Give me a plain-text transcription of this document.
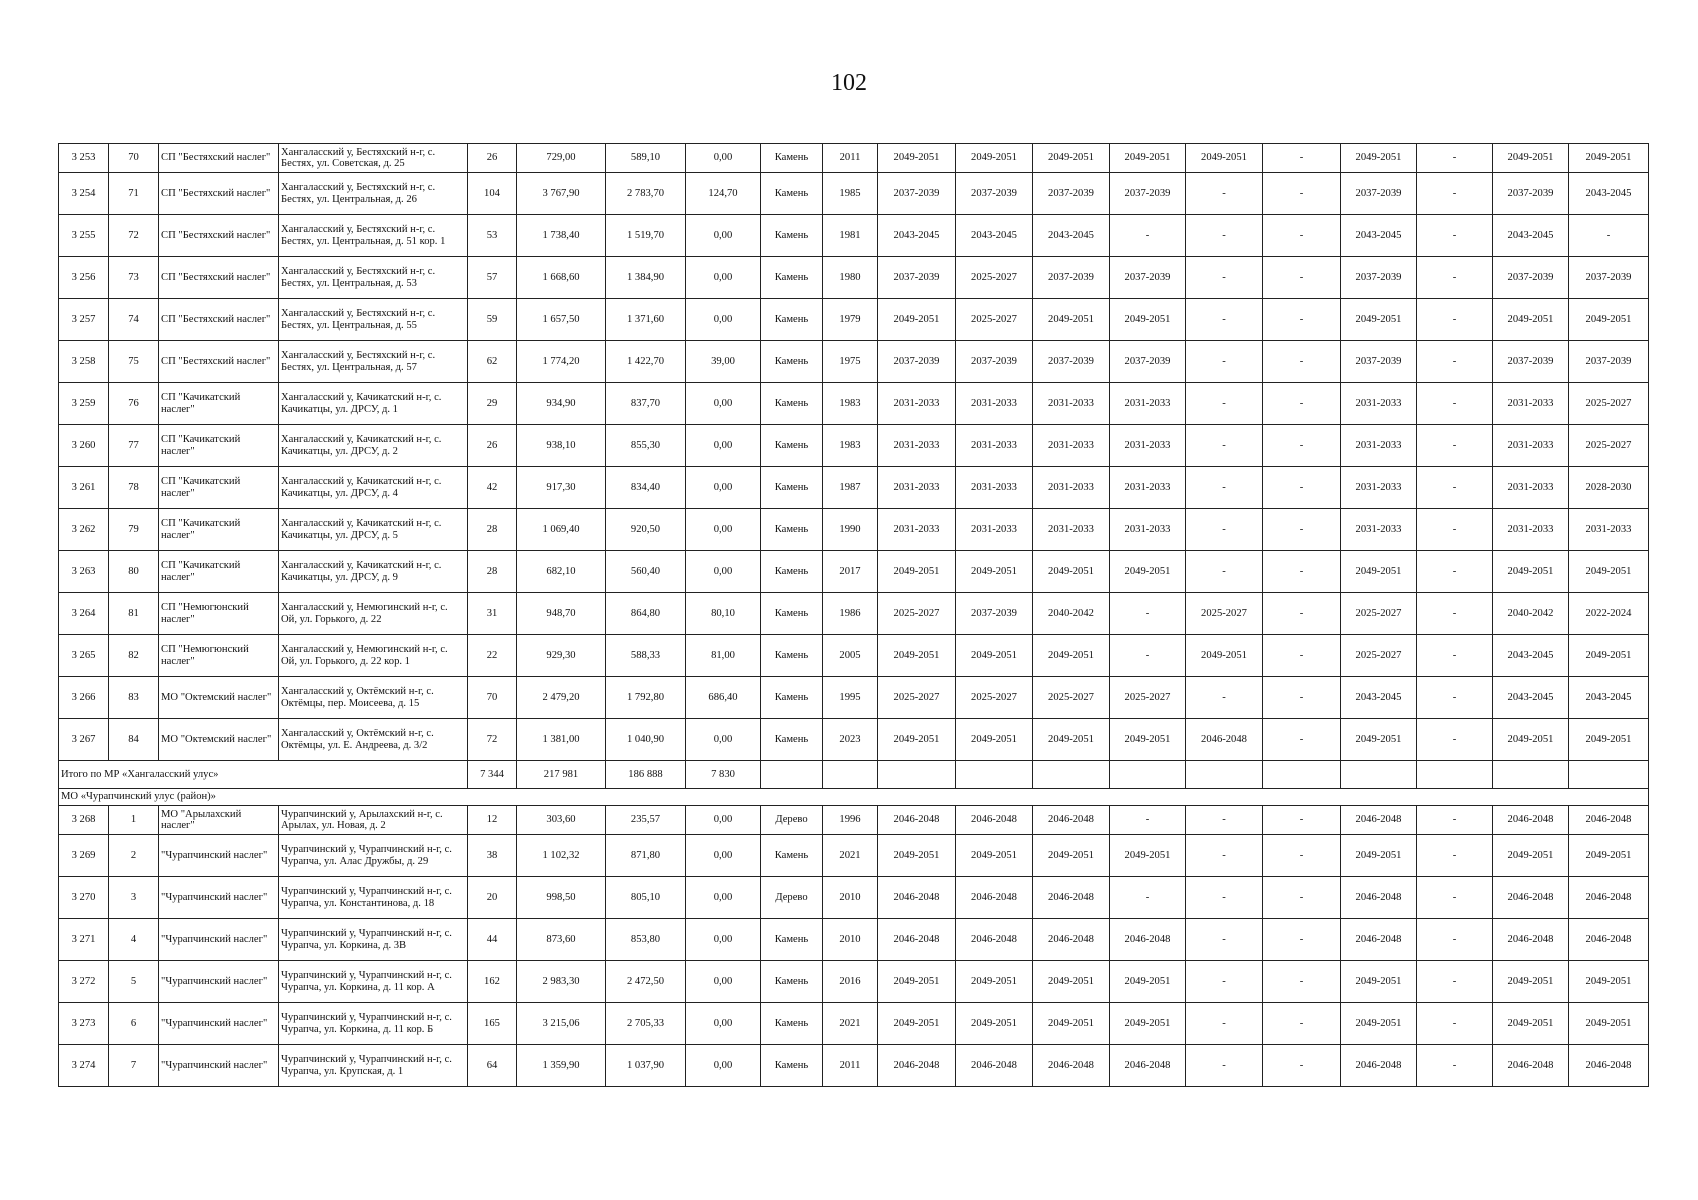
102
3 253	70	СП "Бестяхский наслег"	Хангаласский у, Бестяхский н-г, с. Бестях, ул. Советская, д. 25	26	729,00	589,10	0,00	Камень	2011	2049-2051	2049-2051	2049-2051	2049-2051	2049-2051	-	2049-2051	-	2049-2051	2049-2051
3 254	71	СП "Бестяхский наслег"	Хангаласский у, Бестяхский н-г, с. Бестях, ул. Центральная, д. 26	104	3 767,90	2 783,70	124,70	Камень	1985	2037-2039	2037-2039	2037-2039	2037-2039	-	-	2037-2039	-	2037-2039	2043-2045
3 255	72	СП "Бестяхский наслег"	Хангаласский у, Бестяхский н-г, с. Бестях, ул. Центральная, д. 51 кор. 1	53	1 738,40	1 519,70	0,00	Камень	1981	2043-2045	2043-2045	2043-2045	-	-	-	2043-2045	-	2043-2045	-
3 256	73	СП "Бестяхский наслег"	Хангаласский у, Бестяхский н-г, с. Бестях, ул. Центральная, д. 53	57	1 668,60	1 384,90	0,00	Камень	1980	2037-2039	2025-2027	2037-2039	2037-2039	-	-	2037-2039	-	2037-2039	2037-2039
3 257	74	СП "Бестяхский наслег"	Хангаласский у, Бестяхский н-г, с. Бестях, ул. Центральная, д. 55	59	1 657,50	1 371,60	0,00	Камень	1979	2049-2051	2025-2027	2049-2051	2049-2051	-	-	2049-2051	-	2049-2051	2049-2051
3 258	75	СП "Бестяхский наслег"	Хангаласский у, Бестяхский н-г, с. Бестях, ул. Центральная, д. 57	62	1 774,20	1 422,70	39,00	Камень	1975	2037-2039	2037-2039	2037-2039	2037-2039	-	-	2037-2039	-	2037-2039	2037-2039
3 259	76	СП "Качикатский наслег"	Хангаласский у, Качикатский н-г, с. Качикатцы, ул. ДРСУ, д. 1	29	934,90	837,70	0,00	Камень	1983	2031-2033	2031-2033	2031-2033	2031-2033	-	-	2031-2033	-	2031-2033	2025-2027
3 260	77	СП "Качикатский наслег"	Хангаласский у, Качикатский н-г, с. Качикатцы, ул. ДРСУ, д. 2	26	938,10	855,30	0,00	Камень	1983	2031-2033	2031-2033	2031-2033	2031-2033	-	-	2031-2033	-	2031-2033	2025-2027
3 261	78	СП "Качикатский наслег"	Хангаласский у, Качикатский н-г, с. Качикатцы, ул. ДРСУ, д. 4	42	917,30	834,40	0,00	Камень	1987	2031-2033	2031-2033	2031-2033	2031-2033	-	-	2031-2033	-	2031-2033	2028-2030
3 262	79	СП "Качикатский наслег"	Хангаласский у, Качикатский н-г, с. Качикатцы, ул. ДРСУ, д. 5	28	1 069,40	920,50	0,00	Камень	1990	2031-2033	2031-2033	2031-2033	2031-2033	-	-	2031-2033	-	2031-2033	2031-2033
3 263	80	СП "Качикатский наслег"	Хангаласский у, Качикатский н-г, с. Качикатцы, ул. ДРСУ, д. 9	28	682,10	560,40	0,00	Камень	2017	2049-2051	2049-2051	2049-2051	2049-2051	-	-	2049-2051	-	2049-2051	2049-2051
3 264	81	СП "Немюгюнский наслег"	Хангаласский у, Немюгинский н-г, с. Ой, ул. Горького, д. 22	31	948,70	864,80	80,10	Камень	1986	2025-2027	2037-2039	2040-2042	-	2025-2027	-	2025-2027	-	2040-2042	2022-2024
3 265	82	СП "Немюгюнский наслег"	Хангаласский у, Немюгинский н-г, с. Ой, ул. Горького, д. 22 кор. 1	22	929,30	588,33	81,00	Камень	2005	2049-2051	2049-2051	2049-2051	-	2049-2051	-	2025-2027	-	2043-2045	2049-2051
3 266	83	МО "Октемский наслег"	Хангаласский у, Октёмский н-г, с. Октёмцы, пер. Моисеева, д. 15	70	2 479,20	1 792,80	686,40	Камень	1995	2025-2027	2025-2027	2025-2027	2025-2027	-	-	2043-2045	-	2043-2045	2043-2045
3 267	84	МО "Октемский наслег"	Хангаласский у, Октёмский н-г, с. Октёмцы, ул. Е. Андреева, д. 3/2	72	1 381,00	1 040,90	0,00	Камень	2023	2049-2051	2049-2051	2049-2051	2049-2051	2046-2048	-	2049-2051	-	2049-2051	2049-2051
Итого по МР «Хангаласский улус»				7 344	217 981	186 888	7 830												
МО «Чурапчинский улус (район)»																			
3 268	1	МО "Арылахский наслег"	Чурапчинский у, Арылахский н-г, с. Арылах, ул. Новая, д. 2	12	303,60	235,57	0,00	Дерево	1996	2046-2048	2046-2048	2046-2048	-	-	-	2046-2048	-	2046-2048	2046-2048
3 269	2	"Чурапчинский наслег"	Чурапчинский у, Чурапчинский н-г, с. Чурапча, ул. Алас Дружбы, д. 29	38	1 102,32	871,80	0,00	Камень	2021	2049-2051	2049-2051	2049-2051	2049-2051	-	-	2049-2051	-	2049-2051	2049-2051
3 270	3	"Чурапчинский наслег"	Чурапчинский у, Чурапчинский н-г, с. Чурапча, ул. Константинова, д. 18	20	998,50	805,10	0,00	Дерево	2010	2046-2048	2046-2048	2046-2048	-	-	-	2046-2048	-	2046-2048	2046-2048
3 271	4	"Чурапчинский наслег"	Чурапчинский у, Чурапчинский н-г, с. Чурапча, ул. Коркина, д. 3В	44	873,60	853,80	0,00	Камень	2010	2046-2048	2046-2048	2046-2048	2046-2048	-	-	2046-2048	-	2046-2048	2046-2048
3 272	5	"Чурапчинский наслег"	Чурапчинский у, Чурапчинский н-г, с. Чурапча, ул. Коркина, д. 11 кор. А	162	2 983,30	2 472,50	0,00	Камень	2016	2049-2051	2049-2051	2049-2051	2049-2051	-	-	2049-2051	-	2049-2051	2049-2051
3 273	6	"Чурапчинский наслег"	Чурапчинский у, Чурапчинский н-г, с. Чурапча, ул. Коркина, д. 11 кор. Б	165	3 215,06	2 705,33	0,00	Камень	2021	2049-2051	2049-2051	2049-2051	2049-2051	-	-	2049-2051	-	2049-2051	2049-2051
3 274	7	"Чурапчинский наслег"	Чурапчинский у, Чурапчинский н-г, с. Чурапча, ул. Крупская, д. 1	64	1 359,90	1 037,90	0,00	Камень	2011	2046-2048	2046-2048	2046-2048	2046-2048	-	-	2046-2048	-	2046-2048	2046-2048
